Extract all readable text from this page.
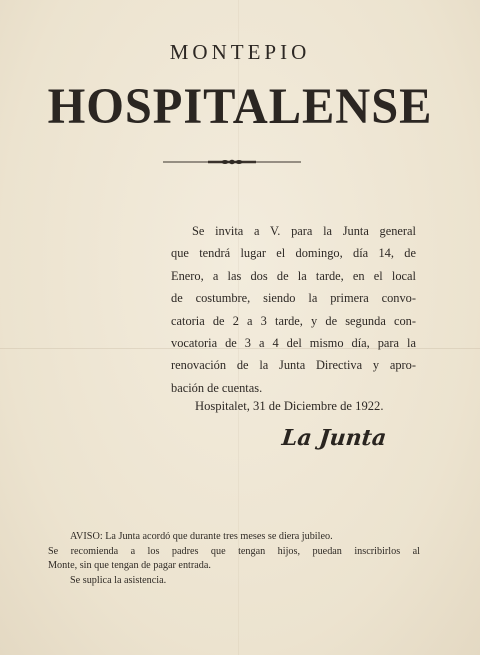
MONTEPIO
HOSPITALENSE
Se invita a V. para la Junta general
que tendrá lugar el domingo, día 14, de
Enero, a las dos de la tarde, en el local
de costumbre, siendo la primera convo-
catoria de 2 a 3 tarde, y de segunda con-
vocatoria de 3 a 4 del mismo día, para la
renovación de la Junta Directiva y apro-
bación de cuentas.
Hospitalet, 31 de Diciembre de 1922.
La Junta
AVISO: La Junta acordó que durante tres meses se diera jubileo.
Se recomienda a los padres que tengan hijos, puedan inscribirlos al
Monte, sin que tengan de pagar entrada.
Se suplica la asistencia.
